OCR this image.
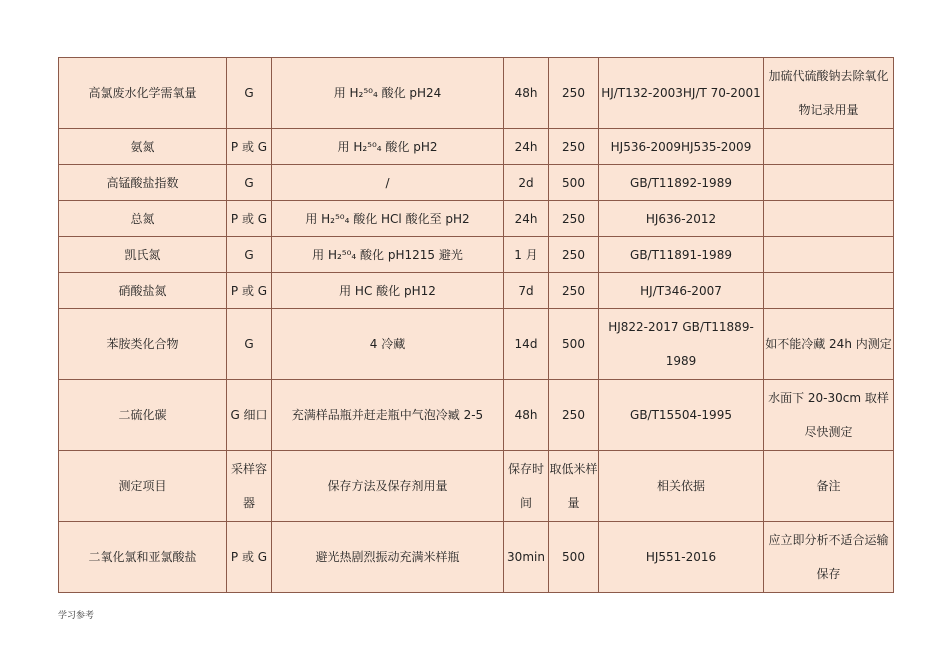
高氯废水化学需氧量	G	用 H₂⁵⁰₄ 酸化 pH24	48h	250	HJ/T132-2003HJ/T 70-2001	加硫代硫酸钠去除氧化物记录用量
氨氮	P 或 G	用 H₂⁵⁰₄ 酸化 pH2	24h	250	HJ536-2009HJ535-2009	
高锰酸盐指数	G	/	2d	500	GB/T11892-1989	
总氮	P 或 G	用 H₂⁵⁰₄ 酸化 HCl 酸化至 pH2	24h	250	HJ636-2012	
凯氏氮	G	用 H₂⁵⁰₄ 酸化 pH1215 避光	1 月	250	GB/T11891-1989	
硝酸盐氮	P 或 G	用 HC 酸化 pH12	7d	250	HJ/T346-2007	
苯胺类化合物	G	4 冷藏	14d	500	HJ822-2017 GB/T11889-1989	如不能冷藏 24h 内测定
二硫化碳	G 细口	充满样品瓶并赶走瓶中气泡冷臧 2-5	48h	250	GB/T15504-1995	水面下 20-30cm 取样尽快测定
测定项目	采样容器	保存方法及保存剂用量	保存时间	取低米样量	相关依据	备注
二氧化氯和亚氯酸盐	P 或 G	避光热剧烈振动充满米样瓶	30min	500	HJ551-2016	应立即分析不适合运输保存
学习参考
